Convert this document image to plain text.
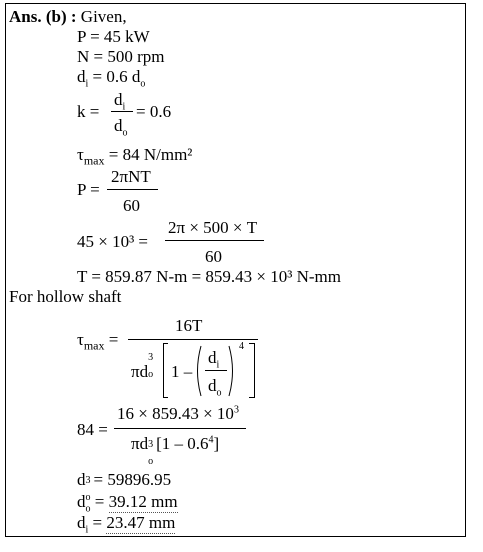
Ans. (b) : Given,
P = 45 kW
N = 500 rpm
$d_i = 0.6$ $d_o$
k =
$d_i$
$d_o$
= 0.6
$\tau_{max} = 84$ N/mm²
P =
2πNT
60
45 × 10³ =
2π × 500 × T
60
T = 859.87 N-m = 859.43 × 10³ N-mm
For hollow shaft
$\tau_{max}$ =
16T
πd
3
o 1 –
$d_i$
$d_o$
4
84 =
$16 \times 859.43 \times 10^3$
πd 3
o
$[1 - 0.6^4]$
d 3
o
= 59896.95
$d_o = 39.12$ mm
$d_i = 23.47$ mm
